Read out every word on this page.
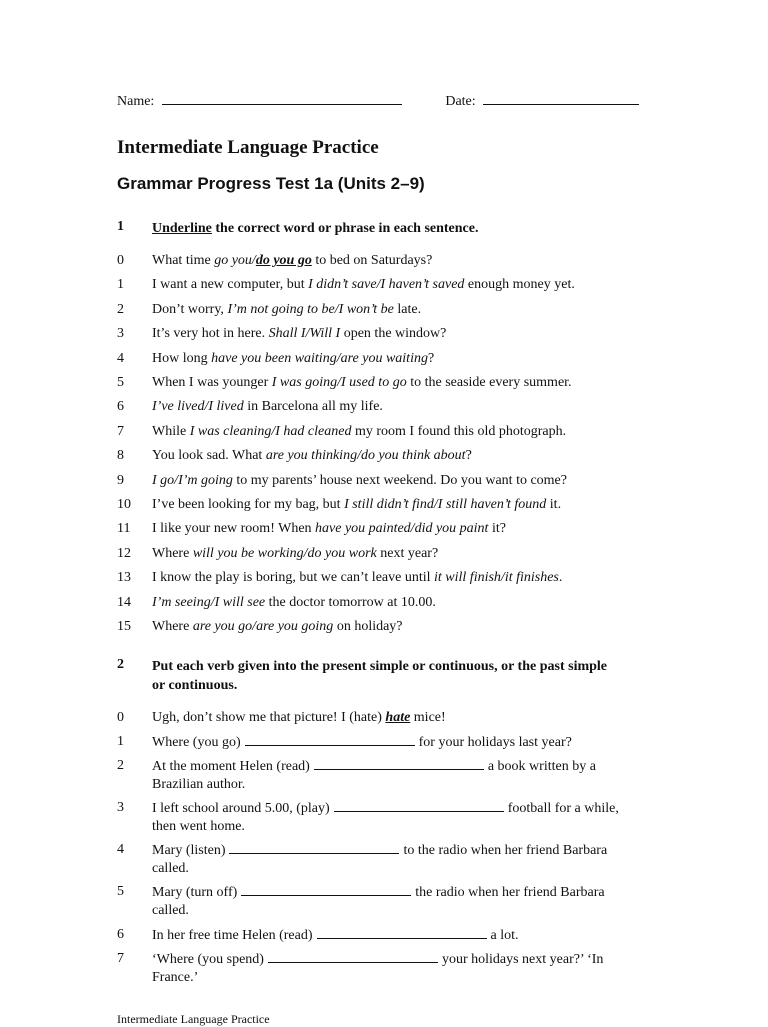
Name:	Date:
Intermediate Language Practice
Grammar Progress Test 1a (Units 2–9)
1	Underline the correct word or phrase in each sentence.
0	What time go you/do you go to bed on Saturdays?
1	I want a new computer, but I didn’t save/I haven’t saved enough money yet.
2	Don’t worry, I’m not going to be/I won’t be late.
3	It’s very hot in here. Shall I/Will I open the window?
4	How long have you been waiting/are you waiting?
5	When I was younger I was going/I used to go to the seaside every summer.
6	I’ve lived/I lived in Barcelona all my life.
7	While I was cleaning/I had cleaned my room I found this old photograph.
8	You look sad. What are you thinking/do you think about?
9	I go/I’m going to my parents’ house next weekend. Do you want to come?
10	I’ve been looking for my bag, but I still didn’t find/I still haven’t found it.
11	I like your new room! When have you painted/did you paint it?
12	Where will you be working/do you work next year?
13	I know the play is boring, but we can’t leave until it will finish/it finishes.
14	I’m seeing/I will see the doctor tomorrow at 10.00.
15	Where are you go/are you going on holiday?
2	Put each verb given into the present simple or continuous, or the past simple or continuous.
0	Ugh, don’t show me that picture! I (hate) hate mice!
1	Where (you go)	for your holidays last year?
2	At the moment Helen (read)	a book written by a Brazilian author.
3	I left school around 5.00, (play)	football for a while, then went home.
4	Mary (listen)	to the radio when her friend Barbara called.
5	Mary (turn off)	the radio when her friend Barbara called.
6	In her free time Helen (read)	a lot.
7	‘Where (you spend)	your holidays next year?’ ‘In France.’
Intermediate Language Practice
